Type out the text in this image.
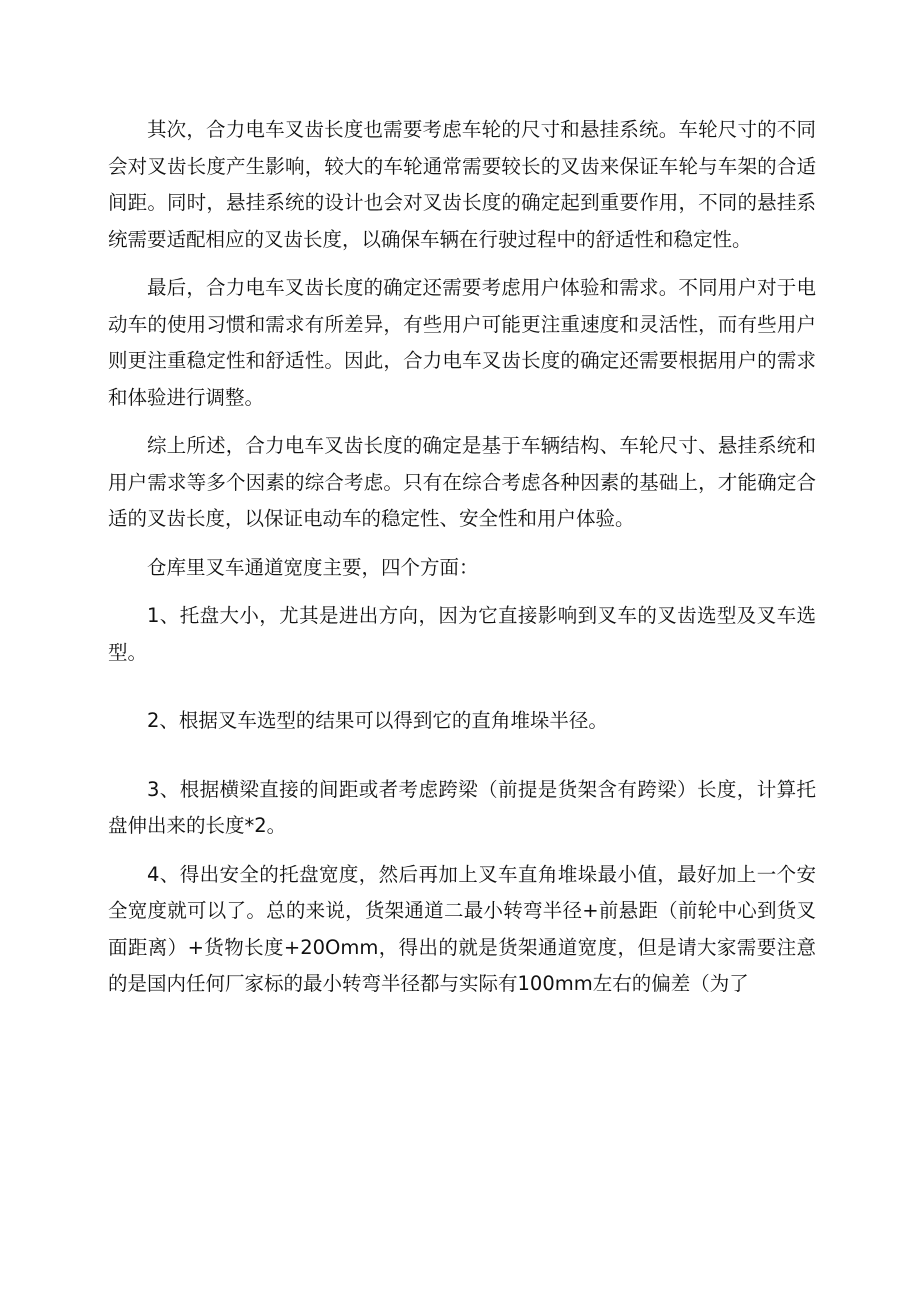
其次，合力电车叉齿长度也需要考虑车轮的尺寸和悬挂系统。车轮尺寸的不同会对叉齿长度产生影响，较大的车轮通常需要较长的叉齿来保证车轮与车架的合适间距。同时，悬挂系统的设计也会对叉齿长度的确定起到重要作用，不同的悬挂系统需要适配相应的叉齿长度，以确保车辆在行驶过程中的舒适性和稳定性。

最后，合力电车叉齿长度的确定还需要考虑用户体验和需求。不同用户对于电动车的使用习惯和需求有所差异，有些用户可能更注重速度和灵活性，而有些用户则更注重稳定性和舒适性。因此，合力电车叉齿长度的确定还需要根据用户的需求和体验进行调整。

综上所述，合力电车叉齿长度的确定是基于车辆结构、车轮尺寸、悬挂系统和用户需求等多个因素的综合考虑。只有在综合考虑各种因素的基础上，才能确定合适的叉齿长度，以保证电动车的稳定性、安全性和用户体验。

仓库里叉车通道宽度主要，四个方面：

1、托盘大小，尤其是进出方向，因为它直接影响到叉车的叉齿选型及叉车选型。

2、根据叉车选型的结果可以得到它的直角堆垛半径。

3、根据横梁直接的间距或者考虑跨梁（前提是货架含有跨梁）长度，计算托盘伸出来的长度*2。

4、得出安全的托盘宽度，然后再加上叉车直角堆垛最小值，最好加上一个安全宽度就可以了。总的来说，货架通道二最小转弯半径+前悬距（前轮中心到货叉面距离）+货物长度+20Omm，得出的就是货架通道宽度，但是请大家需要注意的是国内任何厂家标的最小转弯半径都与实际有100mm左右的偏差（为了
